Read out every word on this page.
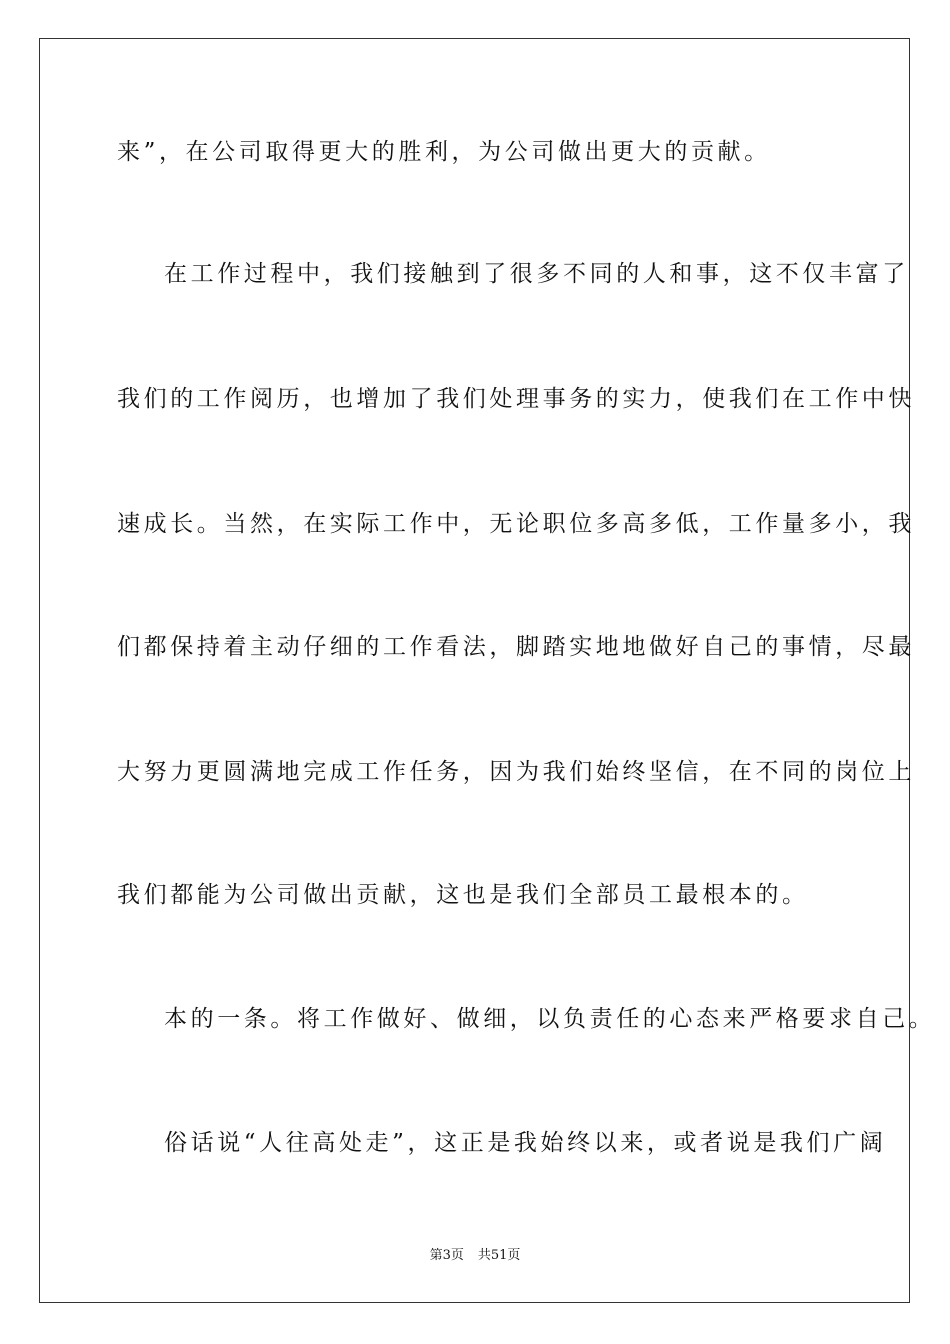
来”，在公司取得更大的胜利，为公司做出更大的贡献。
在工作过程中，我们接触到了很多不同的人和事，这不仅丰富了
我们的工作阅历，也增加了我们处理事务的实力，使我们在工作中快
速成长。当然，在实际工作中，无论职位多高多低，工作量多小，我
们都保持着主动仔细的工作看法，脚踏实地地做好自己的事情，尽最
大努力更圆满地完成工作任务，因为我们始终坚信，在不同的岗位上
我们都能为公司做出贡献，这也是我们全部员工最根本的。
本的一条。将工作做好、做细，以负责任的心态来严格要求自己。
俗话说“人往高处走”，这正是我始终以来，或者说是我们广阔
第3页 共51页
